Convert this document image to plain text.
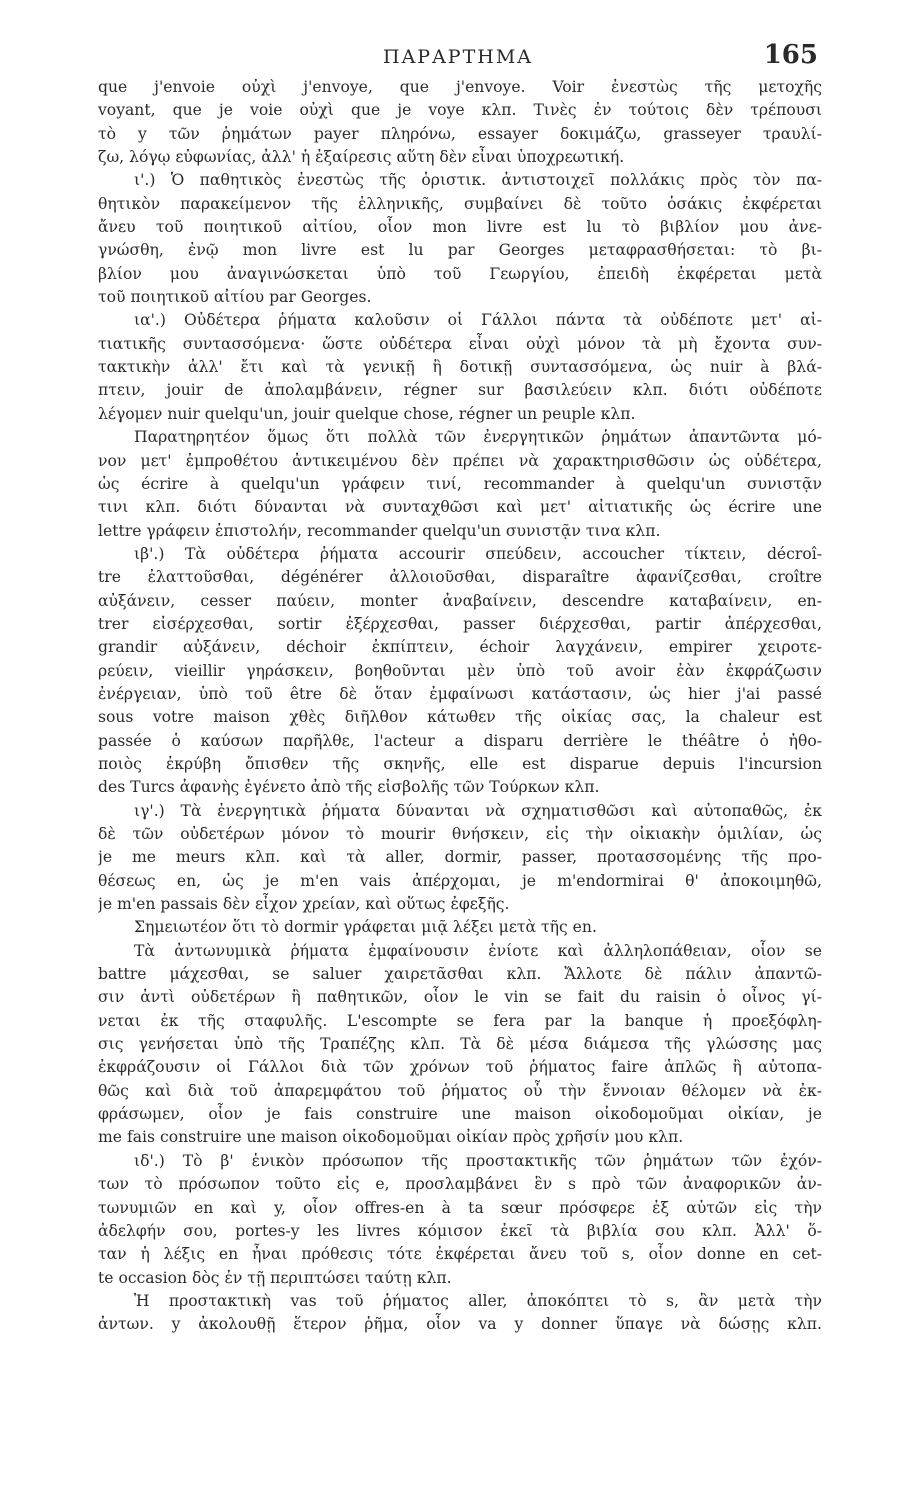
ΠΑΡΑΡΤΗΜΑ	165
que j'envoie οὐχὶ j'envoye, que j'envoye. Voir ἐνεστὼς τῆς μετοχῆς
voyant, que je voie οὐχὶ que je voye κλπ. Τινὲς ἐν τούτοις δὲν τρέπουσι
τὸ y τῶν ῥημάτων payer πληρόνω, essayer δοκιμάζω, grasseyer τραυλί-
ζω, λόγῳ εὐφωνίας, ἀλλ' ἡ ἐξαίρεσις αὕτη δὲν εἶναι ὑποχρεωτική.
ι'.) Ὁ παθητικὸς ἐνεστὼς τῆς ὁριστικ. ἀντιστοιχεῖ πολλάκις πρὸς τὸν πα-
θητικὸν παρακείμενον τῆς ἑλληνικῆς, συμβαίνει δὲ τοῦτο ὁσάκις ἐκφέρεται
ἄνευ τοῦ ποιητικοῦ αἰτίου, οἷον mon livre est lu τὸ βιβλίον μου ἀνε-
γνώσθη, ἐνῷ mon livre est lu par Georges μεταφρασθήσεται: τὸ βι-
βλίον μου ἀναγινώσκεται ὑπὸ τοῦ Γεωργίου, ἐπειδὴ ἐκφέρεται μετὰ
τοῦ ποιητικοῦ αἰτίου par Georges.
ια'.) Οὐδέτερα ῥήματα καλοῦσιν οἱ Γάλλοι πάντα τὰ οὐδέποτε μετ' αἰ-
τιατικῆς συντασσόμενα· ὥστε οὐδέτερα εἶναι οὐχὶ μόνον τὰ μὴ ἔχοντα συν-
τακτικὴν ἀλλ' ἔτι καὶ τὰ γενικῇ ἢ δοτικῇ συντασσόμενα, ὡς nuir à βλά-
πτειν, jouir de ἀπολαμβάνειν, régner sur βασιλεύειν κλπ. διότι οὐδέποτε
λέγομεν nuir quelqu'un, jouir quelque chose, régner un peuple κλπ.
Παρατηρητέον ὅμως ὅτι πολλὰ τῶν ἐνεργητικῶν ῥημάτων ἀπαντῶντα μό-
νον μετ' ἐμπροθέτου ἀντικειμένου δὲν πρέπει νὰ χαρακτηρισθῶσιν ὡς οὐδέτερα,
ὡς écrire à quelqu'un γράφειν τινί, recommander à quelqu'un συνιστᾷν
τινι κλπ. διότι δύνανται νὰ συνταχθῶσι καὶ μετ' αἰτιατικῆς ὡς écrire une
lettre γράφειν ἐπιστολήν, recommander quelqu'un συνιστᾷν τινα κλπ.
ιβ'.) Τὰ οὐδέτερα ῥήματα accourir σπεύδειν, accoucher τίκτειν, décroî-
tre ἐλαττοῦσθαι, dégénérer ἀλλοιοῦσθαι, disparaître ἀφανίζεσθαι, croître
αὐξάνειν, cesser παύειν, monter ἀναβαίνειν, descendre καταβαίνειν, en-
trer εἰσέρχεσθαι, sortir ἐξέρχεσθαι, passer διέρχεσθαι, partir ἀπέρχεσθαι,
grandir αὐξάνειν, déchoir ἐκπίπτειν, échoir λαγχάνειν, empirer χειροτε-
ρεύειν, vieillir γηράσκειν, βοηθοῦνται μὲν ὑπὸ τοῦ avoir ἐὰν ἐκφράζωσιν
ἐνέργειαν, ὑπὸ τοῦ être δὲ ὅταν ἐμφαίνωσι κατάστασιν, ὡς hier j'ai passé
sous votre maison χθὲς διῆλθον κάτωθεν τῆς οἰκίας σας, la chaleur est
passée ὁ καύσων παρῆλθε, l'acteur a disparu derrière le théâtre ὁ ἠθο-
ποιὸς ἐκρύβη ὄπισθεν τῆς σκηνῆς, elle est disparue depuis l'incursion
des Turcs ἀφανὴς ἐγένετο ἀπὸ τῆς εἰσβολῆς τῶν Τούρκων κλπ.
ιγ'.) Τὰ ἐνεργητικὰ ῥήματα δύνανται νὰ σχηματισθῶσι καὶ αὐτοπαθῶς, ἐκ
δὲ τῶν οὐδετέρων μόνον τὸ mourir θνήσκειν, εἰς τὴν οἰκιακὴν ὁμιλίαν, ὡς
je me meurs κλπ. καὶ τὰ aller, dormir, passer, προτασσομένης τῆς προ-
θέσεως en, ὡς je m'en vais ἀπέρχομαι, je m'endormirai θ' ἀποκοιμηθῶ,
je m'en passais δὲν εἶχον χρείαν, καὶ οὕτως ἐφεξῆς.
Σημειωτέον ὅτι τὸ dormir γράφεται μιᾷ λέξει μετὰ τῆς en.
Τὰ ἀντωνυμικὰ ῥήματα ἐμφαίνουσιν ἐνίοτε καὶ ἀλληλοπάθειαν, οἷον se
battre μάχεσθαι, se saluer χαιρετᾶσθαι κλπ. Ἄλλοτε δὲ πάλιν ἀπαντῶ-
σιν ἀντὶ οὐδετέρων ἢ παθητικῶν, οἷον le vin se fait du raisin ὁ οἶνος γί-
νεται ἐκ τῆς σταφυλῆς. L'escompte se fera par la banque ἡ προεξόφλη-
σις γενήσεται ὑπὸ τῆς Τραπέζης κλπ. Τὰ δὲ μέσα διάμεσα τῆς γλώσσης μας
ἐκφράζουσιν οἱ Γάλλοι διὰ τῶν χρόνων τοῦ ῥήματος faire ἁπλῶς ἢ αὐτοπα-
θῶς καὶ διὰ τοῦ ἀπαρεμφάτου τοῦ ῥήματος οὗ τὴν ἔννοιαν θέλομεν νὰ ἐκ-
φράσωμεν, οἷον je fais construire une maison οἰκοδομοῦμαι οἰκίαν, je
me fais construire une maison οἰκοδομοῦμαι οἰκίαν πρὸς χρῆσίν μου κλπ.
ιδ'.) Τὸ β' ἑνικὸν πρόσωπον τῆς προστακτικῆς τῶν ῥημάτων τῶν ἐχόν-
των τὸ πρόσωπον τοῦτο εἰς e, προσλαμβάνει ἓν s πρὸ τῶν ἀναφορικῶν ἀν-
τωνυμιῶν en καὶ y, οἷον offres-en à ta sœur πρόσφερε ἐξ αὐτῶν εἰς τὴν
ἀδελφήν σου, portes-y les livres κόμισον ἐκεῖ τὰ βιβλία σου κλπ. Ἀλλ' ὅ-
ταν ἡ λέξις en ἦναι πρόθεσις τότε ἐκφέρεται ἄνευ τοῦ s, οἷον donne en cet-
te occasion δὸς ἐν τῇ περιπτώσει ταύτῃ κλπ.
Ἡ προστακτικὴ vas τοῦ ῥήματος aller, ἀποκόπτει τὸ s, ἂν μετὰ τὴν
ἀντων. y ἀκολουθῇ ἕτερον ῥῆμα, οἷον va y donner ὕπαγε νὰ δώσῃς κλπ.
